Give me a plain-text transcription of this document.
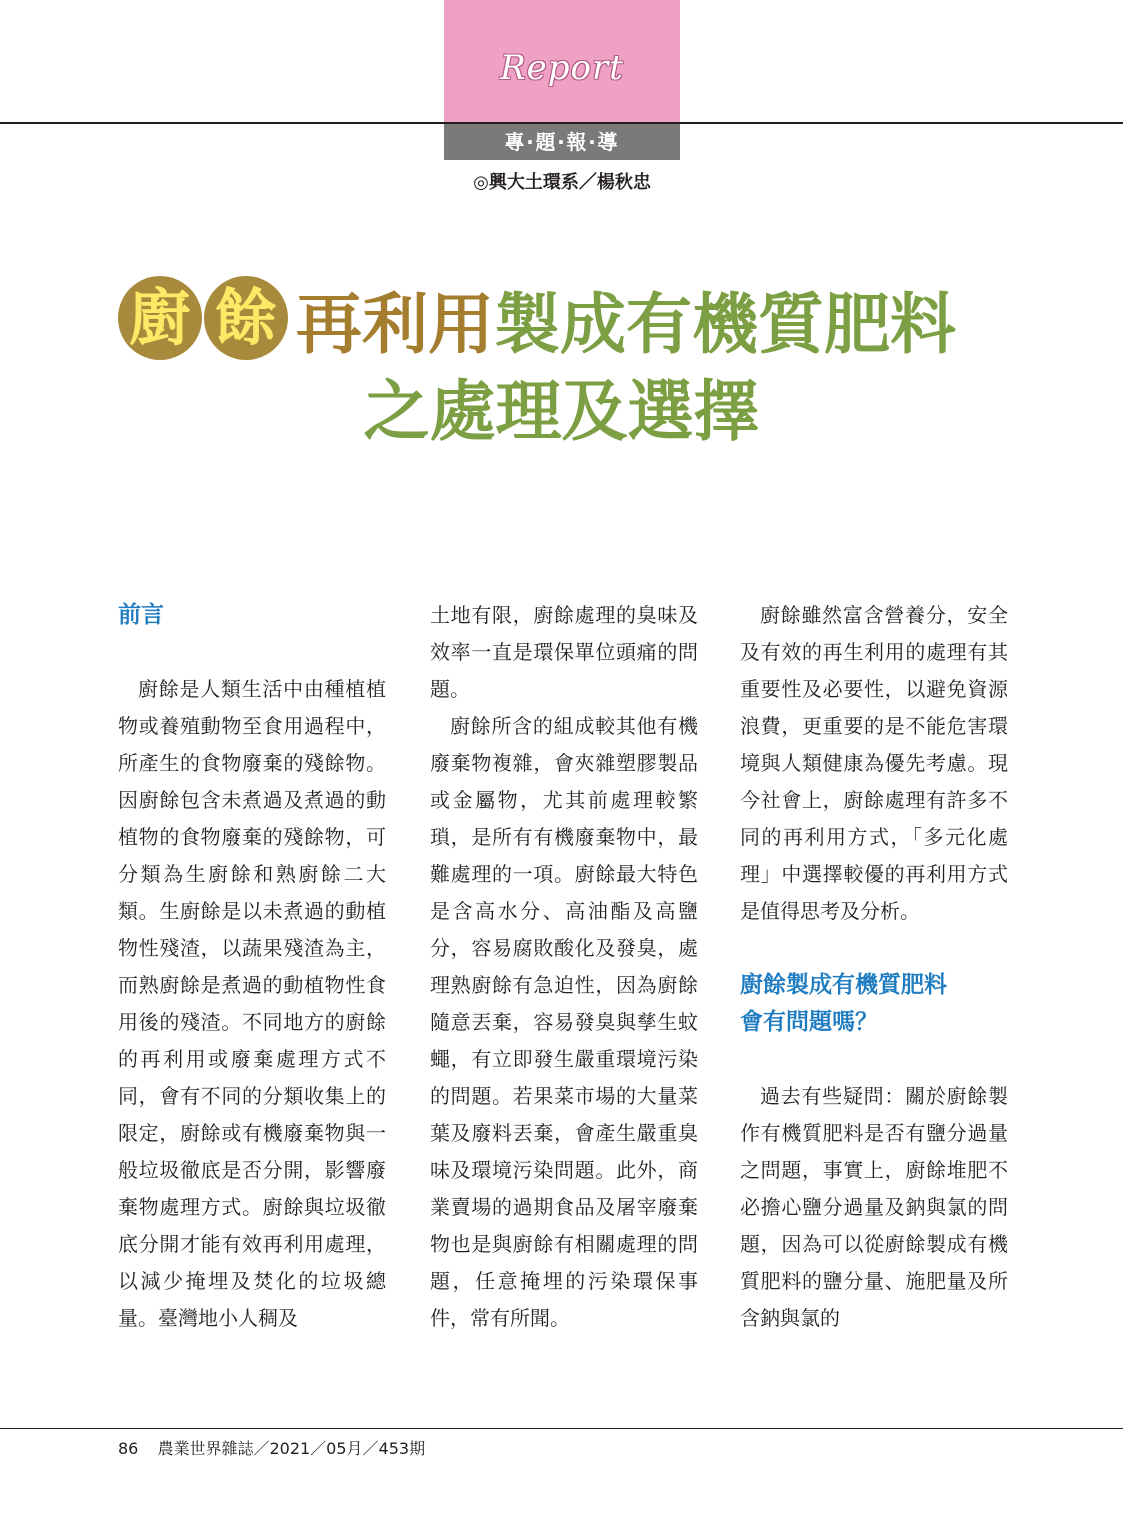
Report
專‧題‧報‧導
◎興大土環系／楊秋忠
廚 餘 再利用 製成有機質肥料
之處理及選擇
前言

廚餘是人類生活中由種植植物或養殖動物至食用過程中，所產生的食物廢棄的殘餘物。因廚餘包含未煮過及煮過的動植物的食物廢棄的殘餘物，可分類為生廚餘和熟廚餘二大類。生廚餘是以未煮過的動植物性殘渣，以蔬果殘渣為主，而熟廚餘是煮過的動植物性食用後的殘渣。不同地方的廚餘的再利用或廢棄處理方式不同，會有不同的分類收集上的限定，廚餘或有機廢棄物與一般垃圾徹底是否分開，影響廢棄物處理方式。廚餘與垃圾徹底分開才能有效再利用處理，以減少掩埋及焚化的垃圾總量。臺灣地小人稠及

土地有限，廚餘處理的臭味及效率一直是環保單位頭痛的問題。

廚餘所含的組成較其他有機廢棄物複雜，會夾雜塑膠製品或金屬物，尤其前處理較繁瑣，是所有有機廢棄物中，最難處理的一項。廚餘最大特色是含高水分、高油酯及高鹽分，容易腐敗酸化及發臭，處理熟廚餘有急迫性，因為廚餘隨意丟棄，容易發臭與孳生蚊蠅，有立即發生嚴重環境污染的問題。若果菜市場的大量菜葉及廢料丟棄，會產生嚴重臭味及環境污染問題。此外，商業賣場的過期食品及屠宰廢棄物也是與廚餘有相關處理的問題，任意掩埋的污染環保事件，常有所聞。

廚餘雖然富含營養分，安全及有效的再生利用的處理有其重要性及必要性，以避免資源浪費，更重要的是不能危害環境與人類健康為優先考慮。現今社會上，廚餘處理有許多不同的再利用方式，「多元化處理」中選擇較優的再利用方式是值得思考及分析。

廚餘製成有機質肥料
會有問題嗎？

過去有些疑問：關於廚餘製作有機質肥料是否有鹽分過量之問題，事實上，廚餘堆肥不必擔心鹽分過量及鈉與氯的問題，因為可以從廚餘製成有機質肥料的鹽分量、施肥量及所含鈉與氯的

86 農業世界雜誌／2021／05月／453期
